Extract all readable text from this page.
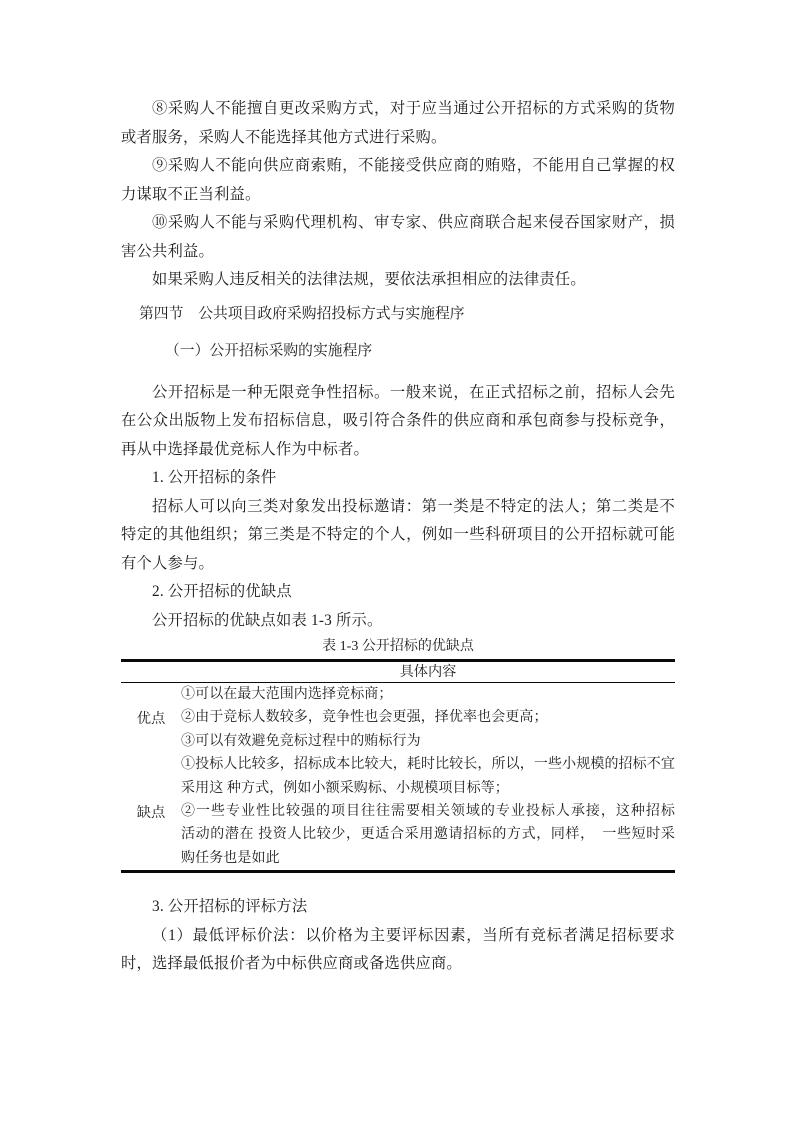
⑧采购人不能擅自更改采购方式，对于应当通过公开招标的方式采购的货物
或者服务，采购人不能选择其他方式进行采购。
⑨采购人不能向供应商索贿，不能接受供应商的贿赂，不能用自己掌握的权
力谋取不正当利益。
⑩采购人不能与采购代理机构、审专家、供应商联合起来侵吞国家财产，损
害公共利益。
如果采购人违反相关的法律法规，要依法承担相应的法律责任。
第四节　公共项目政府采购招投标方式与实施程序
（一）公开招标采购的实施程序
公开招标是一种无限竞争性招标。一般来说，在正式招标之前，招标人会先
在公众出版物上发布招标信息，吸引符合条件的供应商和承包商参与投标竞争，
再从中选择最优竞标人作为中标者。
1. 公开招标的条件
招标人可以向三类对象发出投标邀请：第一类是不特定的法人；第二类是不
特定的其他组织；第三类是不特定的个人，例如一些科研项目的公开招标就可能
有个人参与。
2. 公开招标的优缺点
公开招标的优缺点如表 1-3 所示。
表 1-3 公开招标的优缺点
	具体内容
优点	①可以在最大范围内选择竞标商；
②由于竞标人数较多，竞争性也会更强，择优率也会更高；
③可以有效避免竞标过程中的贿标行为

缺点	①投标人比较多，招标成本比较大，耗时比较长，所以，一些小规模的招标不宜
采用这 种方式，例如小额采购标、小规模项目标等；
②一些专业性比较强的项目往往需要相关领域的专业投标人承接，这种招标
活动的潜在 投资人比较少，更适合采用邀请招标的方式，同样，　一些短时采
购任务也是如此
3. 公开招标的评标方法
（1）最低评标价法：以价格为主要评标因素，当所有竞标者满足招标要求
时，选择最低报价者为中标供应商或备选供应商。
